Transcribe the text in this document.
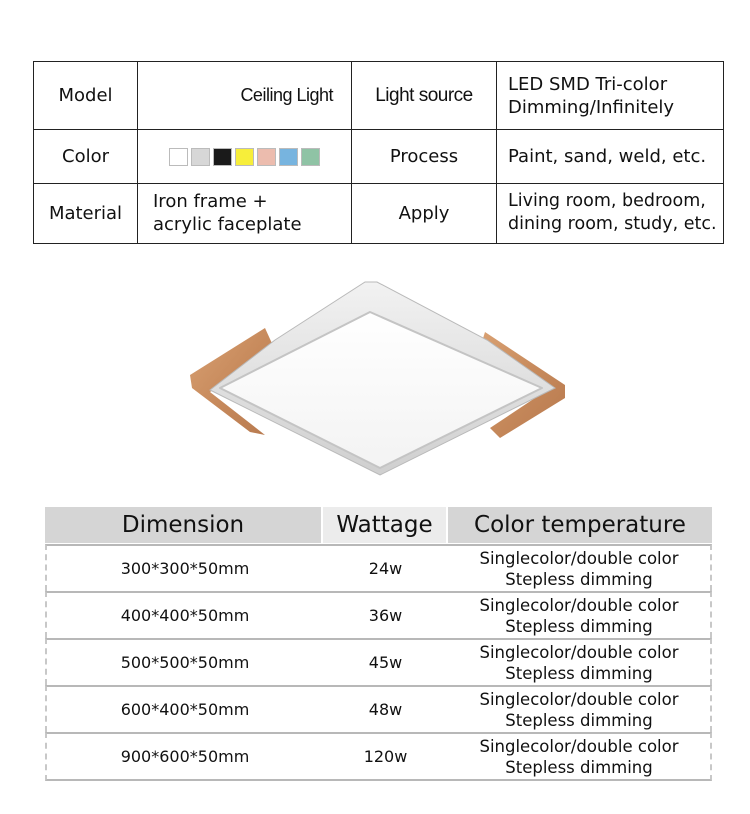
Model	Ceiling Light	Light source	LED SMD Tri-color
Dimming/Infinitely

Color		Process	Paint, sand, weld, etc.
Material	Iron frame +
acrylic faceplate	Apply	Living room, bedroom,
dining room, study, etc.
Dimension	Wattage	Color temperature
300*300*50mm	24w
Singlecolor/double color
Stepless dimming
400*400*50mm	36w
Singlecolor/double color
Stepless dimming
500*500*50mm	45w
Singlecolor/double color
Stepless dimming
600*400*50mm	48w
Singlecolor/double color
Stepless dimming
900*600*50mm	120w
Singlecolor/double color
Stepless dimming
